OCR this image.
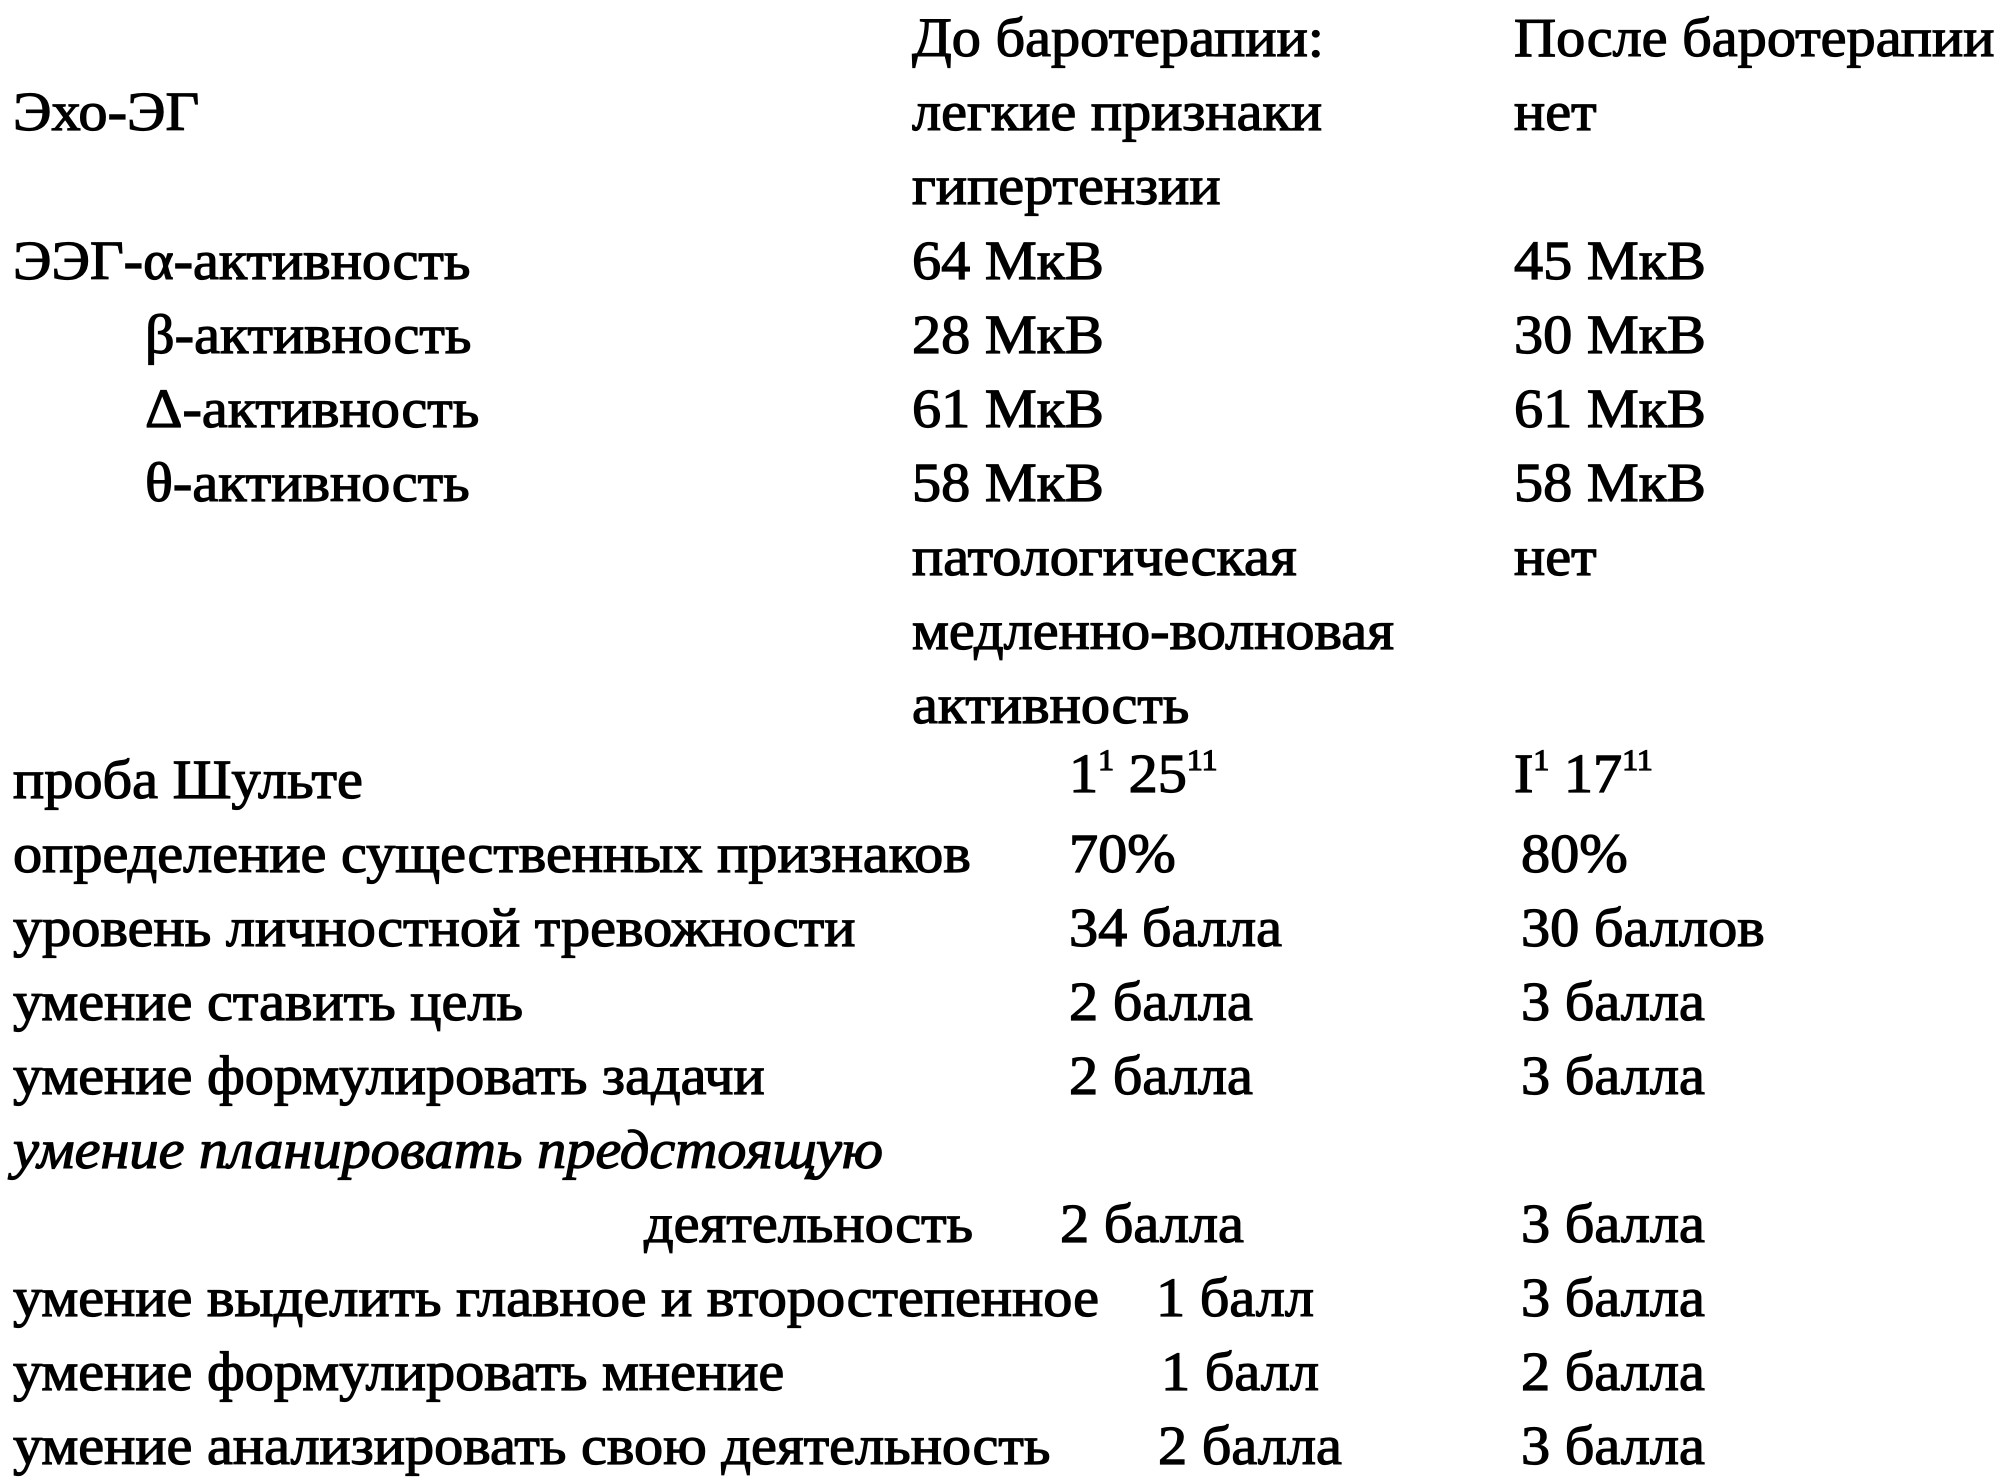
До баротерапии:	После баротерапии
Эхо-ЭГ	легкие признаки	нет
гипертензии
ЭЭГ-α-активность	64 МкВ	45 МкВ
β-активность	28 МкВ	30 МкВ
Δ-активность	61 МкВ	61 МкВ
θ-активность	58 МкВ	58 МкВ
патологическая	нет
медленно-волновая
активность
проба Шульте	11 2511	I1 1711
определение существенных признаков 70%	80%
уровень личностной тревожности	34 балла	30 баллов
умение ставить цель	2 балла	3 балла
умение формулировать задачи	2 балла	3 балла
умение планировать предстоящую
деятельность 2 балла	3 балла
умение выделить главное и второстепенное 1 балл	3 балла
умение формулировать мнение	1 балл	2 балла
умение анализировать свою деятельность 2 балла	3 балла
